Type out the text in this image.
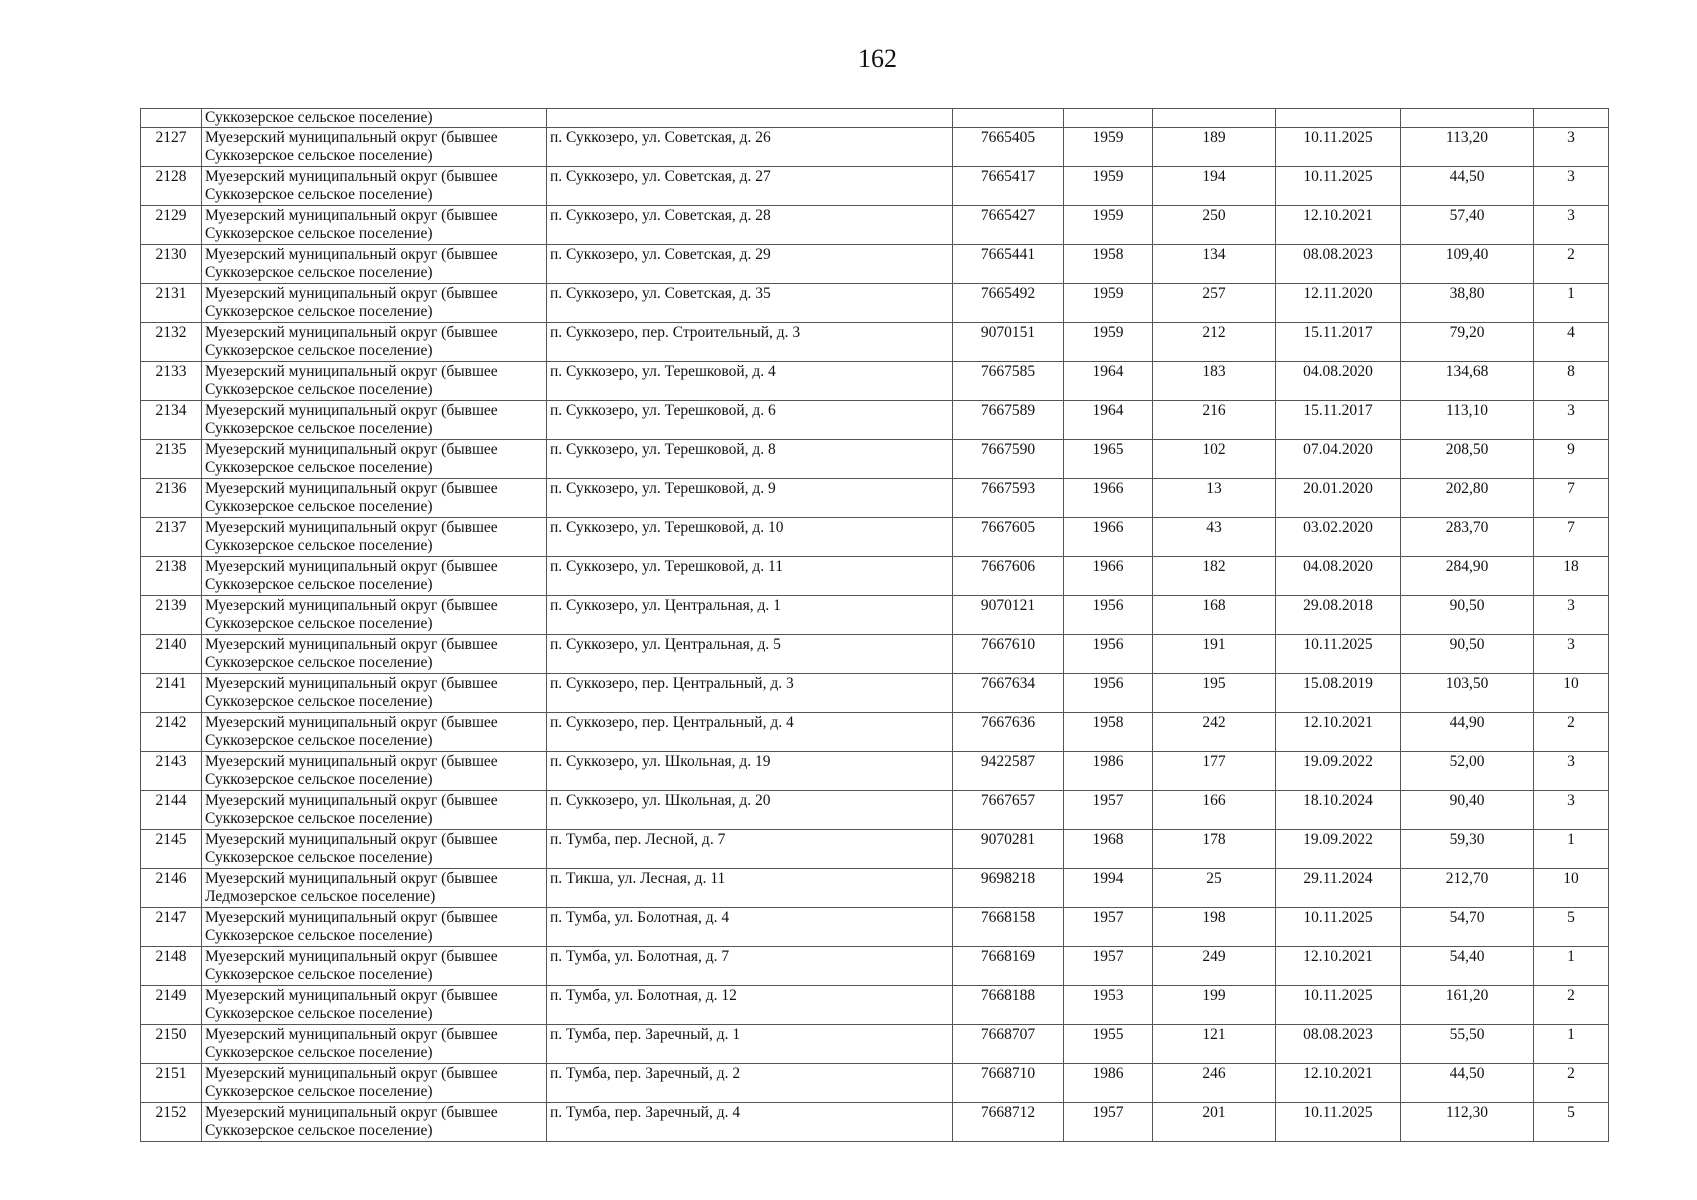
162
	Суккозерское сельское поселение)							
2127	Муезерский муниципальный округ (бывшее Суккозерское сельское поселение)	п. Суккозеро, ул. Советская, д. 26	7665405	1959	189	10.11.2025	113,20	3
2128	Муезерский муниципальный округ (бывшее Суккозерское сельское поселение)	п. Суккозеро, ул. Советская, д. 27	7665417	1959	194	10.11.2025	44,50	3
2129	Муезерский муниципальный округ (бывшее Суккозерское сельское поселение)	п. Суккозеро, ул. Советская, д. 28	7665427	1959	250	12.10.2021	57,40	3
2130	Муезерский муниципальный округ (бывшее Суккозерское сельское поселение)	п. Суккозеро, ул. Советская, д. 29	7665441	1958	134	08.08.2023	109,40	2
2131	Муезерский муниципальный округ (бывшее Суккозерское сельское поселение)	п. Суккозеро, ул. Советская, д. 35	7665492	1959	257	12.11.2020	38,80	1
2132	Муезерский муниципальный округ (бывшее Суккозерское сельское поселение)	п. Суккозеро, пер. Строительный, д. 3	9070151	1959	212	15.11.2017	79,20	4
2133	Муезерский муниципальный округ (бывшее Суккозерское сельское поселение)	п. Суккозеро, ул. Терешковой, д. 4	7667585	1964	183	04.08.2020	134,68	8
2134	Муезерский муниципальный округ (бывшее Суккозерское сельское поселение)	п. Суккозеро, ул. Терешковой, д. 6	7667589	1964	216	15.11.2017	113,10	3
2135	Муезерский муниципальный округ (бывшее Суккозерское сельское поселение)	п. Суккозеро, ул. Терешковой, д. 8	7667590	1965	102	07.04.2020	208,50	9
2136	Муезерский муниципальный округ (бывшее Суккозерское сельское поселение)	п. Суккозеро, ул. Терешковой, д. 9	7667593	1966	13	20.01.2020	202,80	7
2137	Муезерский муниципальный округ (бывшее Суккозерское сельское поселение)	п. Суккозеро, ул. Терешковой, д. 10	7667605	1966	43	03.02.2020	283,70	7
2138	Муезерский муниципальный округ (бывшее Суккозерское сельское поселение)	п. Суккозеро, ул. Терешковой, д. 11	7667606	1966	182	04.08.2020	284,90	18
2139	Муезерский муниципальный округ (бывшее Суккозерское сельское поселение)	п. Суккозеро, ул. Центральная, д. 1	9070121	1956	168	29.08.2018	90,50	3
2140	Муезерский муниципальный округ (бывшее Суккозерское сельское поселение)	п. Суккозеро, ул. Центральная, д. 5	7667610	1956	191	10.11.2025	90,50	3
2141	Муезерский муниципальный округ (бывшее Суккозерское сельское поселение)	п. Суккозеро, пер. Центральный, д. 3	7667634	1956	195	15.08.2019	103,50	10
2142	Муезерский муниципальный округ (бывшее Суккозерское сельское поселение)	п. Суккозеро, пер. Центральный, д. 4	7667636	1958	242	12.10.2021	44,90	2
2143	Муезерский муниципальный округ (бывшее Суккозерское сельское поселение)	п. Суккозеро, ул. Школьная, д. 19	9422587	1986	177	19.09.2022	52,00	3
2144	Муезерский муниципальный округ (бывшее Суккозерское сельское поселение)	п. Суккозеро, ул. Школьная, д. 20	7667657	1957	166	18.10.2024	90,40	3
2145	Муезерский муниципальный округ (бывшее Суккозерское сельское поселение)	п. Тумба, пер. Лесной, д. 7	9070281	1968	178	19.09.2022	59,30	1
2146	Муезерский муниципальный округ (бывшее Ледмозерское сельское поселение)	п. Тикша, ул. Лесная, д. 11	9698218	1994	25	29.11.2024	212,70	10
2147	Муезерский муниципальный округ (бывшее Суккозерское сельское поселение)	п. Тумба, ул. Болотная, д. 4	7668158	1957	198	10.11.2025	54,70	5
2148	Муезерский муниципальный округ (бывшее Суккозерское сельское поселение)	п. Тумба, ул. Болотная, д. 7	7668169	1957	249	12.10.2021	54,40	1
2149	Муезерский муниципальный округ (бывшее Суккозерское сельское поселение)	п. Тумба, ул. Болотная, д. 12	7668188	1953	199	10.11.2025	161,20	2
2150	Муезерский муниципальный округ (бывшее Суккозерское сельское поселение)	п. Тумба, пер. Заречный, д. 1	7668707	1955	121	08.08.2023	55,50	1
2151	Муезерский муниципальный округ (бывшее Суккозерское сельское поселение)	п. Тумба, пер. Заречный, д. 2	7668710	1986	246	12.10.2021	44,50	2
2152	Муезерский муниципальный округ (бывшее Суккозерское сельское поселение)	п. Тумба, пер. Заречный, д. 4	7668712	1957	201	10.11.2025	112,30	5
